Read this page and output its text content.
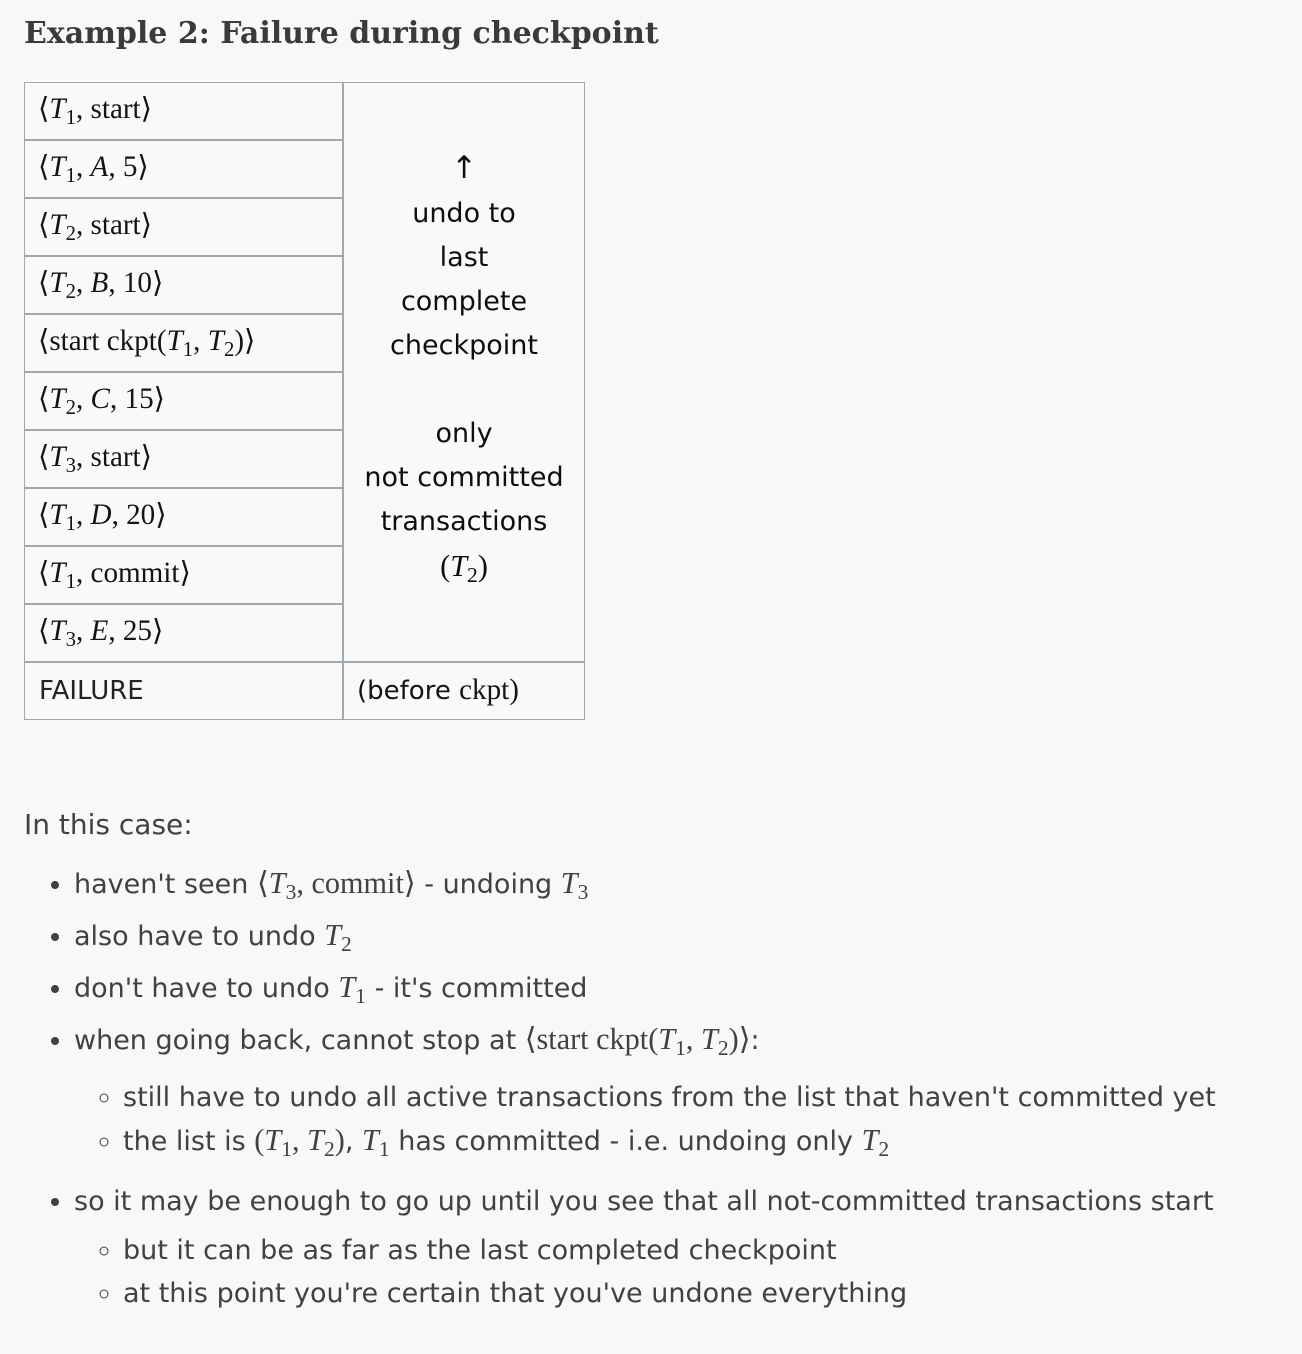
Example 2: Failure during checkpoint
$⟨T_1$, start⟩	↑
undo to
last
complete
checkpoint

only
not committed
transactions
$(T_2)$
$⟨T_1$, A, 5⟩	
$⟨T_2$, start⟩	
$⟨T_2$, B, 10⟩	
⟨start $ckpt(T_1$, $T_2)⟩$	
$⟨T_2$, C, 15⟩	
$⟨T_3$, start⟩	
$⟨T_1$, D, 20⟩	
$⟨T_1$, commit⟩	
$⟨T_3$, E, 25⟩	
FAILURE	(before ckpt)

In this case:

• haven't seen $⟨T_3$, commit⟩ - undoing $T_3$
• also have to undo $T_2$
• don't have to undo $T_1 - it's$ committed
• when going back, cannot stop at ⟨start $ckpt(T_1$, $T_2)⟩$:
◦ still have to undo all active transactions from the list that haven't committed yet
◦ the list is ($T_1$, $T_2$), $T_1$ has committed - i.e. undoing only $T_2$
• so it may be enough to go up until you see that all not-committed transactions start
◦ but it can be as far as the last completed checkpoint
◦ at this point you're certain that you've undone everything
